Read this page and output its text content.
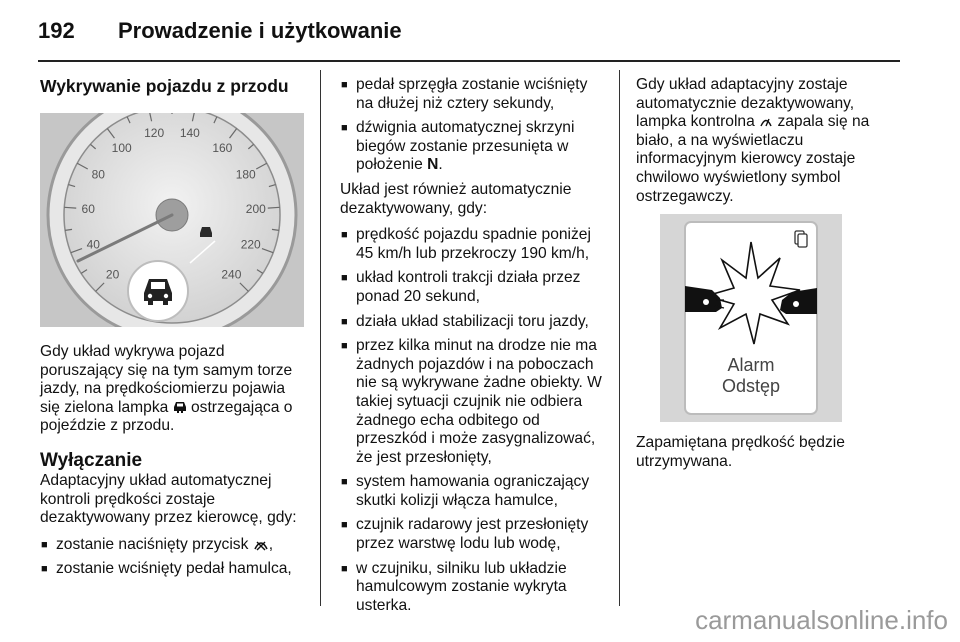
192 Prowadzenie i użytkowanie
Wykrywanie pojazdu z przodu
20
40
60
80
100
120 140
160
180
200
220
240

Gdy układ wykrywa pojazd poruszający się na tym samym torze jazdy, na prędkościomierzu pojawia się zielona lampka ostrzegająca o pojeździe z przodu.

Wyłączanie

Adaptacyjny układ automatycznej kontroli prędkości zostaje dezaktywowany przez kierowcę, gdy:

■ zostanie naciśnięty przycisk ,
■ zostanie wciśnięty pedał hamulca,
■ pedał sprzęgła zostanie wciśnięty na dłużej niż cztery sekundy,
■ dźwignia automatycznej skrzyni biegów zostanie przesunięta w położenie N.

Układ jest również automatycznie dezaktywowany, gdy:

■ prędkość pojazdu spadnie poniżej 45 km/h lub przekroczy 190 km/h,
■ układ kontroli trakcji działa przez ponad 20 sekund,
■ działa układ stabilizacji toru jazdy,
■ przez kilka minut na drodze nie ma żadnych pojazdów i na poboczach nie są wykrywane żadne obiekty. W takiej sytuacji czujnik nie odbiera żadnego echa odbitego od przeszkód i może zasygnalizować, że jest przesłonięty,
■ system hamowania ograniczający skutki kolizji włącza hamulce,
■ czujnik radarowy jest przesłonięty przez warstwę lodu lub wodę,
■ w czujniku, silniku lub układzie hamulcowym zostanie wykryta usterka.

Gdy układ adaptacyjny zostaje automatycznie dezaktywowany, lampka kontrolna zapala się na biało, a na wyświetlaczu informacyjnym kierowcy zostaje chwilowo wyświetlony symbol ostrzegawczy.

Alarm
Odstęp

Zapamiętana prędkość będzie utrzymywana.

carmanualsonline.info
